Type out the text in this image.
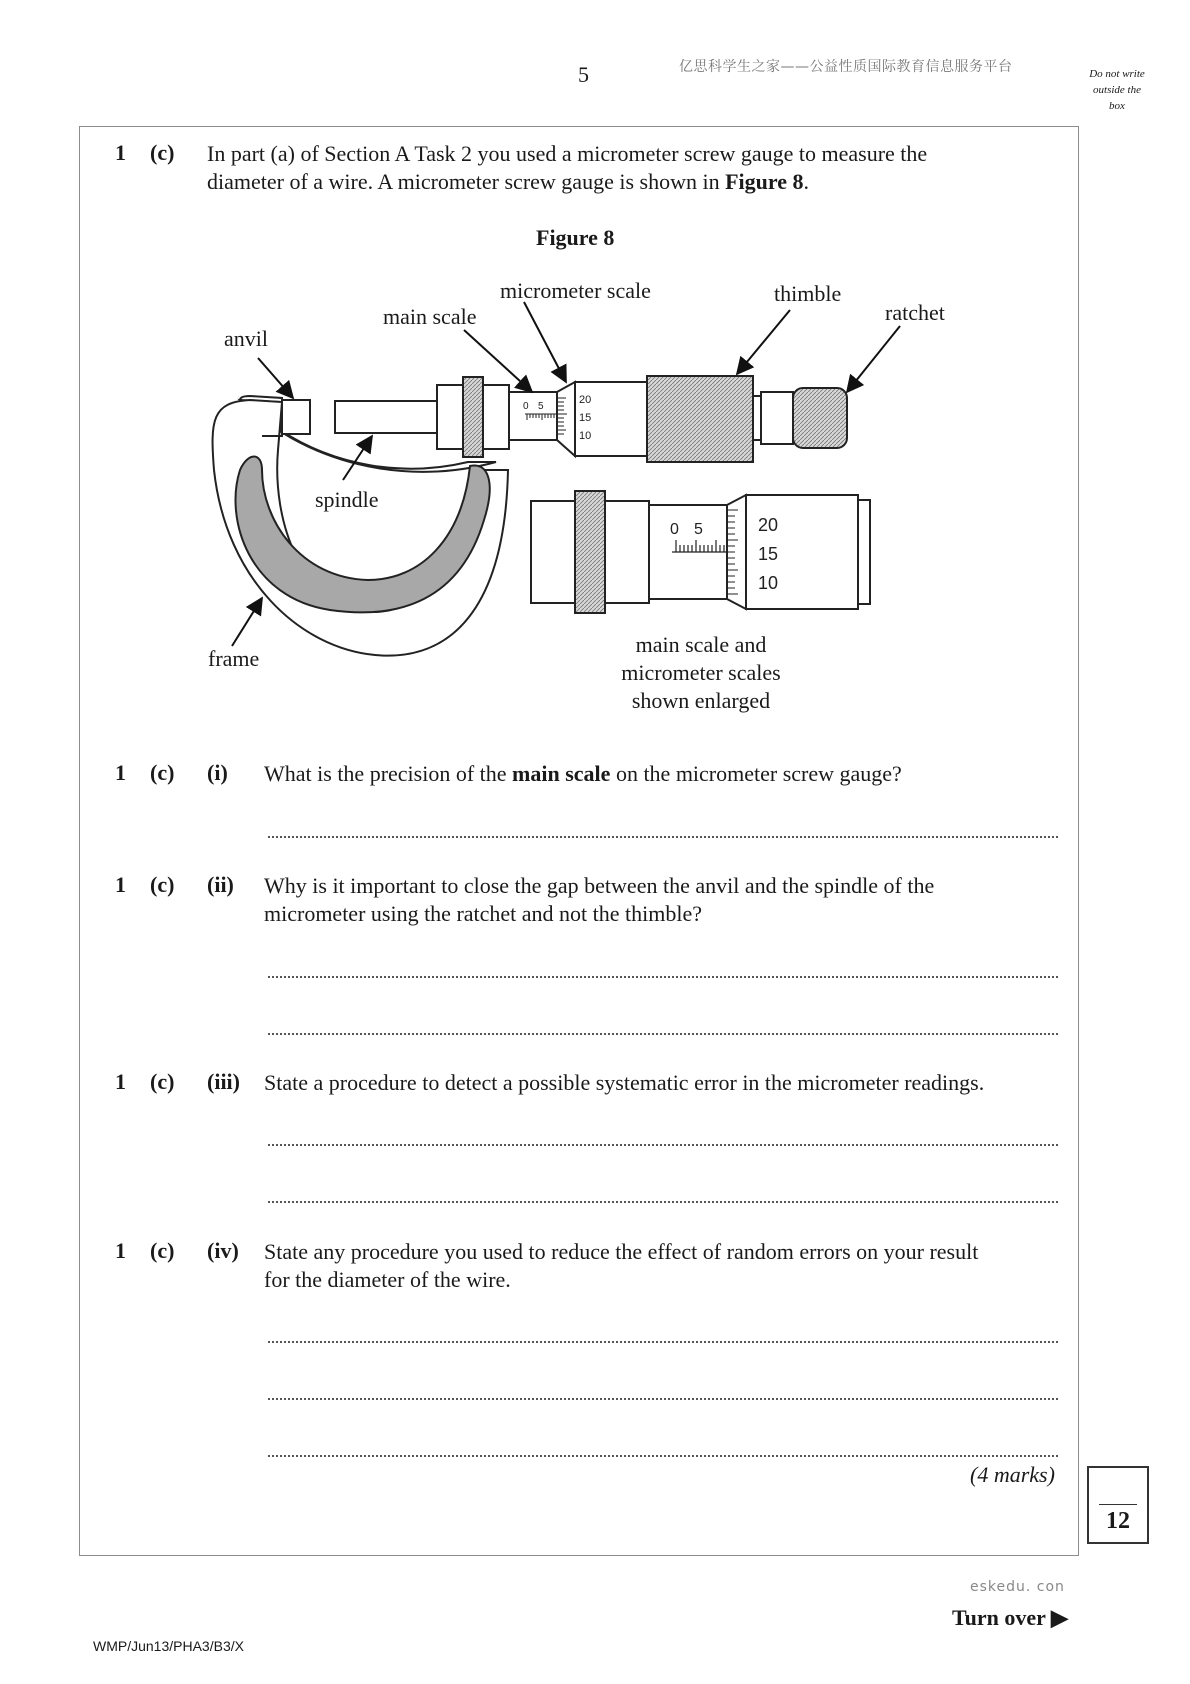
5	亿思科学生之家——公益性质国际教育信息服务平台	Do not write
outside the
box
1 (c) In part (a) of Section A Task 2 you used a micrometer screw gauge to measure the
diameter of a wire. A micrometer screw gauge is shown in Figure 8.
Figure 8
0 5
20
15
10
0 5	20
15
10
micrometer scale	thimble
main scale	ratchet
anvil
spindle
frame
main scale and
micrometer scales
shown enlarged
1 (c) (i) What is the precision of the main scale on the micrometer screw gauge?
1 (c) (ii) Why is it important to close the gap between the anvil and the spindle of the
micrometer using the ratchet and not the thimble?
1 (c) (iii) State a procedure to detect a possible systematic error in the micrometer readings.
1 (c) (iv) State any procedure you used to reduce the effect of random errors on your result
for the diameter of the wire.
(4 marks)
12
eskedu. con
Turn over ▶
WMP/Jun13/PHA3/B3/X
